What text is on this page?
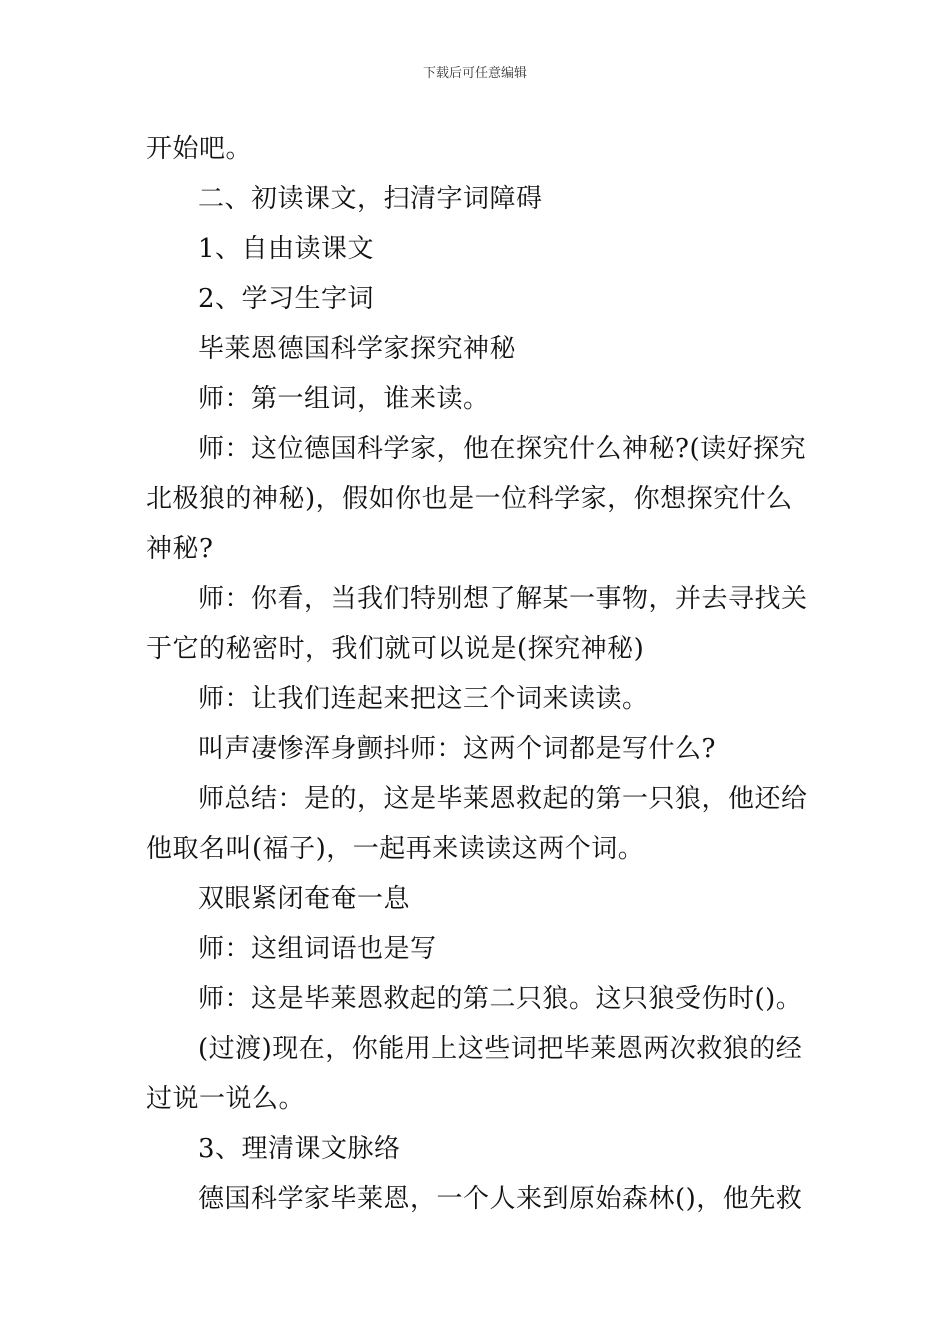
下载后可任意编辑

开始吧。

二、初读课文，扫清字词障碍

1、自由读课文

2、学习生字词

毕莱恩德国科学家探究神秘

师：第一组词，谁来读。

师：这位德国科学家，他在探究什么神秘?(读好探究北极狼的神秘)，假如你也是一位科学家，你想探究什么神秘?

师：你看，当我们特别想了解某一事物，并去寻找关于它的秘密时，我们就可以说是(探究神秘)

师：让我们连起来把这三个词来读读。

叫声凄惨浑身颤抖师：这两个词都是写什么?

师总结：是的，这是毕莱恩救起的第一只狼，他还给他取名叫(福子)，一起再来读读这两个词。

双眼紧闭奄奄一息

师：这组词语也是写

师：这是毕莱恩救起的第二只狼。这只狼受伤时()。

(过渡)现在，你能用上这些词把毕莱恩两次救狼的经过说一说么。

3、理清课文脉络

德国科学家毕莱恩，一个人来到原始森林()，他先救
